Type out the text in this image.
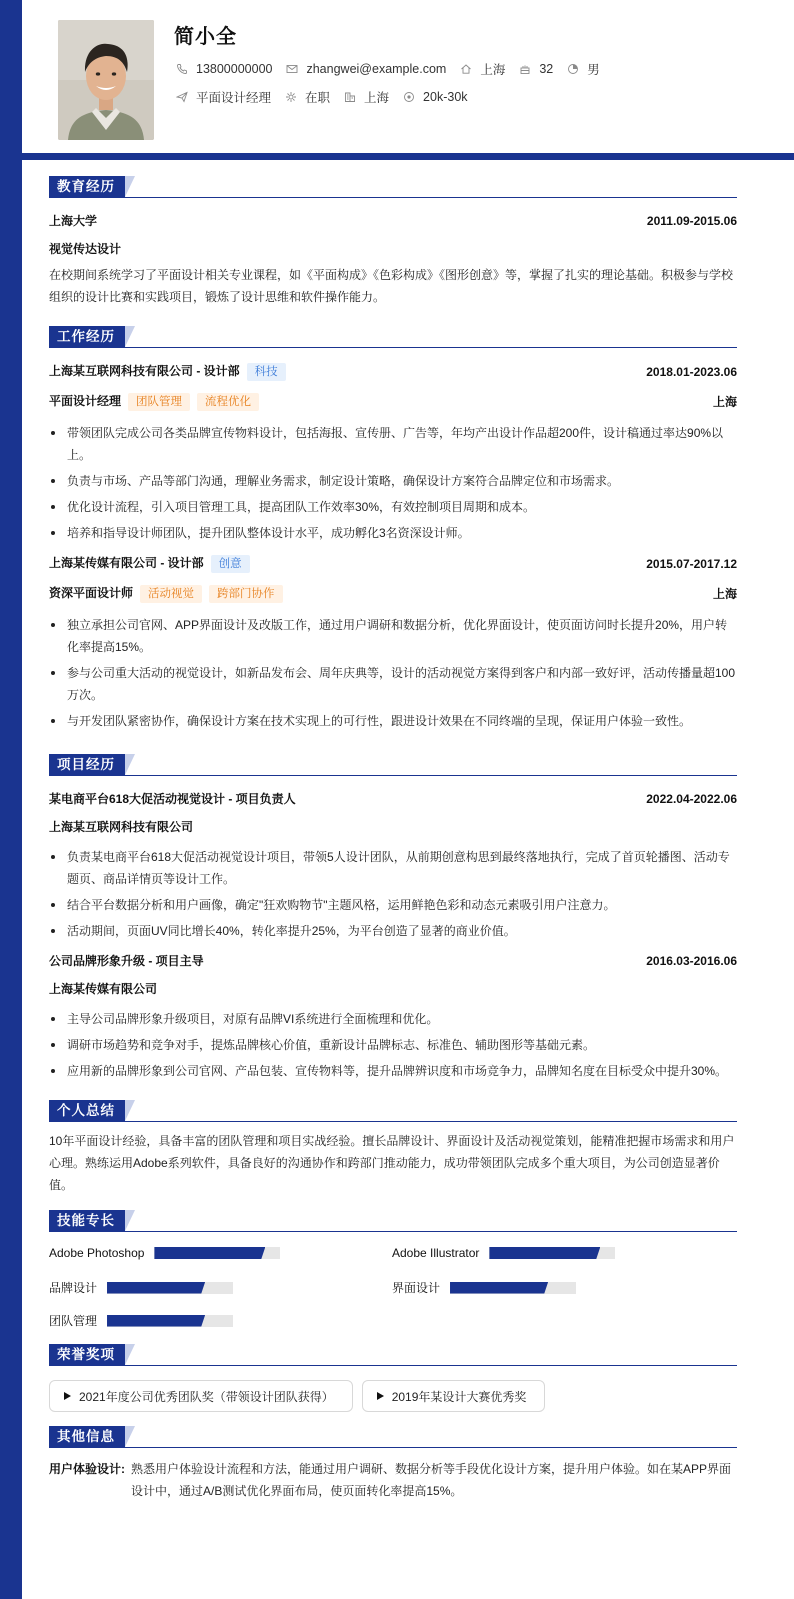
简小全
13800000000	zhangwei@example.com	上海	32	男
平面设计经理	在职	上海	20k-30k
教育经历
上海大学	2011.09-2015.06
视觉传达设计
在校期间系统学习了平面设计相关专业课程，如《平面构成》《色彩构成》《图形创意》等，掌握了扎实的理论基础。积极参与学校组织的设计比赛和实践项目，锻炼了设计思维和软件操作能力。
工作经历
上海某互联网科技有限公司 - 设计部 科技	2018.01-2023.06
平面设计经理 团队管理 流程优化	上海
带领团队完成公司各类品牌宣传物料设计，包括海报、宣传册、广告等，年均产出设计作品超200件，设计稿通过率达90%以上。
负责与市场、产品等部门沟通，理解业务需求，制定设计策略，确保设计方案符合品牌定位和市场需求。
优化设计流程，引入项目管理工具，提高团队工作效率30%，有效控制项目周期和成本。
培养和指导设计师团队，提升团队整体设计水平，成功孵化3名资深设计师。
上海某传媒有限公司 - 设计部 创意	2015.07-2017.12
资深平面设计师 活动视觉 跨部门协作	上海
独立承担公司官网、APP界面设计及改版工作，通过用户调研和数据分析，优化界面设计，使页面访问时长提升20%，用户转化率提高15%。
参与公司重大活动的视觉设计，如新品发布会、周年庆典等，设计的活动视觉方案得到客户和内部一致好评，活动传播量超100万次。
与开发团队紧密协作，确保设计方案在技术实现上的可行性，跟进设计效果在不同终端的呈现，保证用户体验一致性。
项目经历
某电商平台618大促活动视觉设计 - 项目负责人	2022.04-2022.06
上海某互联网科技有限公司
负责某电商平台618大促活动视觉设计项目，带领5人设计团队，从前期创意构思到最终落地执行，完成了首页轮播图、活动专题页、商品详情页等设计工作。
结合平台数据分析和用户画像，确定"狂欢购物节"主题风格，运用鲜艳色彩和动态元素吸引用户注意力。
活动期间，页面UV同比增长40%，转化率提升25%，为平台创造了显著的商业价值。
公司品牌形象升级 - 项目主导	2016.03-2016.06
上海某传媒有限公司
主导公司品牌形象升级项目，对原有品牌VI系统进行全面梳理和优化。
调研市场趋势和竞争对手，提炼品牌核心价值，重新设计品牌标志、标准色、辅助图形等基础元素。
应用新的品牌形象到公司官网、产品包装、宣传物料等，提升品牌辨识度和市场竞争力，品牌知名度在目标受众中提升30%。
个人总结
10年平面设计经验，具备丰富的团队管理和项目实战经验。擅长品牌设计、界面设计及活动视觉策划，能精准把握市场需求和用户心理。熟练运用Adobe系列软件，具备良好的沟通协作和跨部门推动能力，成功带领团队完成多个重大项目，为公司创造显著价值。
技能专长
Adobe Photoshop	Adobe Illustrator
品牌设计	界面设计
团队管理
荣誉奖项
2021年度公司优秀团队奖（带领设计团队获得）	2019年某设计大赛优秀奖
其他信息
用户体验设计: 熟悉用户体验设计流程和方法，能通过用户调研、数据分析等手段优化设计方案，提升用户体验。如在某APP界面设计中，通过A/B测试优化界面布局，使页面转化率提高15%。
